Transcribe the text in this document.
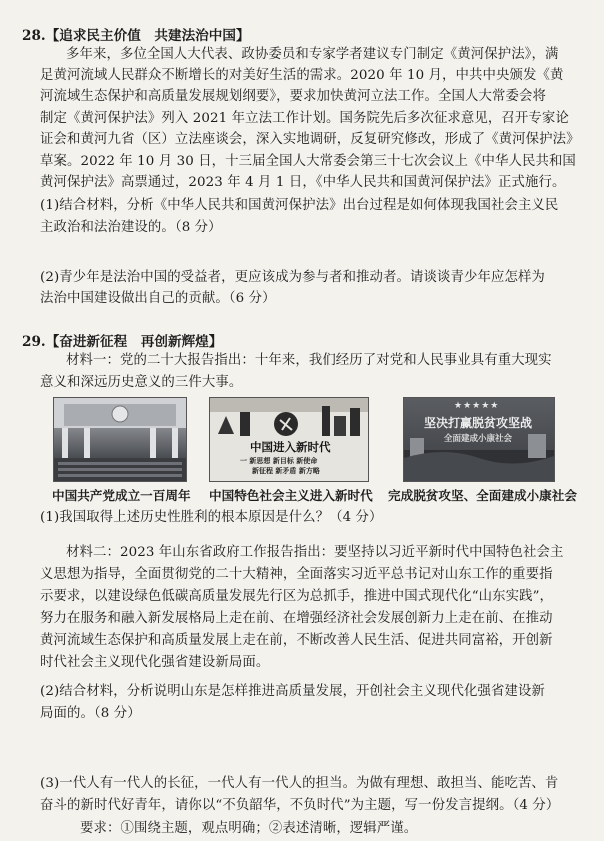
28.【追求民主价值　共建法治中国】
多年来，多位全国人大代表、政协委员和专家学者建议专门制定《黄河保护法》，满
足黄河流域人民群众不断增长的对美好生活的需求。2020 年 10 月，中共中央颁发《黄
河流域生态保护和高质量发展规划纲要》，要求加快黄河立法工作。全国人大常委会将
制定《黄河保护法》列入 2021 年立法工作计划。国务院先后多次征求意见，召开专家论
证会和黄河九省（区）立法座谈会，深入实地调研，反复研究修改，形成了《黄河保护法》
草案。2022 年 10 月 30 日，十三届全国人大常委会第三十七次会议上《中华人民共和国
黄河保护法》高票通过，2023 年 4 月 1 日，《中华人民共和国黄河保护法》正式施行。
(1)结合材料，分析《中华人民共和国黄河保护法》出台过程是如何体现我国社会主义民
主政治和法治建设的。（8 分）
(2)青少年是法治中国的受益者，更应该成为参与者和推动者。请谈谈青少年应怎样为
法治中国建设做出自己的贡献。（6 分）
29.【奋进新征程　再创新辉煌】
材料一：党的二十大报告指出：十年来，我们经历了对党和人民事业具有重大现实
意义和深远历史意义的三件大事。
中国共产党成立一百周年
中国进入新时代
一 新思想 新目标 新使命
新征程 新矛盾 新方略
中国特色社会主义进入新时代
★★★★★
坚决打赢脱贫攻坚战
全面建成小康社会
完成脱贫攻坚、全面建成小康社会
(1)我国取得上述历史性胜利的根本原因是什么？（4 分）
材料二：2023 年山东省政府工作报告指出：要坚持以习近平新时代中国特色社会主
义思想为指导，全面贯彻党的二十大精神，全面落实习近平总书记对山东工作的重要指
示要求，以建设绿色低碳高质量发展先行区为总抓手，推进中国式现代化“山东实践”，
努力在服务和融入新发展格局上走在前、在增强经济社会发展创新力上走在前、在推动
黄河流域生态保护和高质量发展上走在前，不断改善人民生活、促进共同富裕，开创新
时代社会主义现代化强省建设新局面。
(2)结合材料，分析说明山东是怎样推进高质量发展，开创社会主义现代化强省建设新
局面的。（8 分）
(3)一代人有一代人的长征，一代人有一代人的担当。为做有理想、敢担当、能吃苦、肯
奋斗的新时代好青年，请你以“不负韶华，不负时代”为主题，写一份发言提纲。（4 分）
要求：①围绕主题，观点明确；②表述清晰，逻辑严谨。
